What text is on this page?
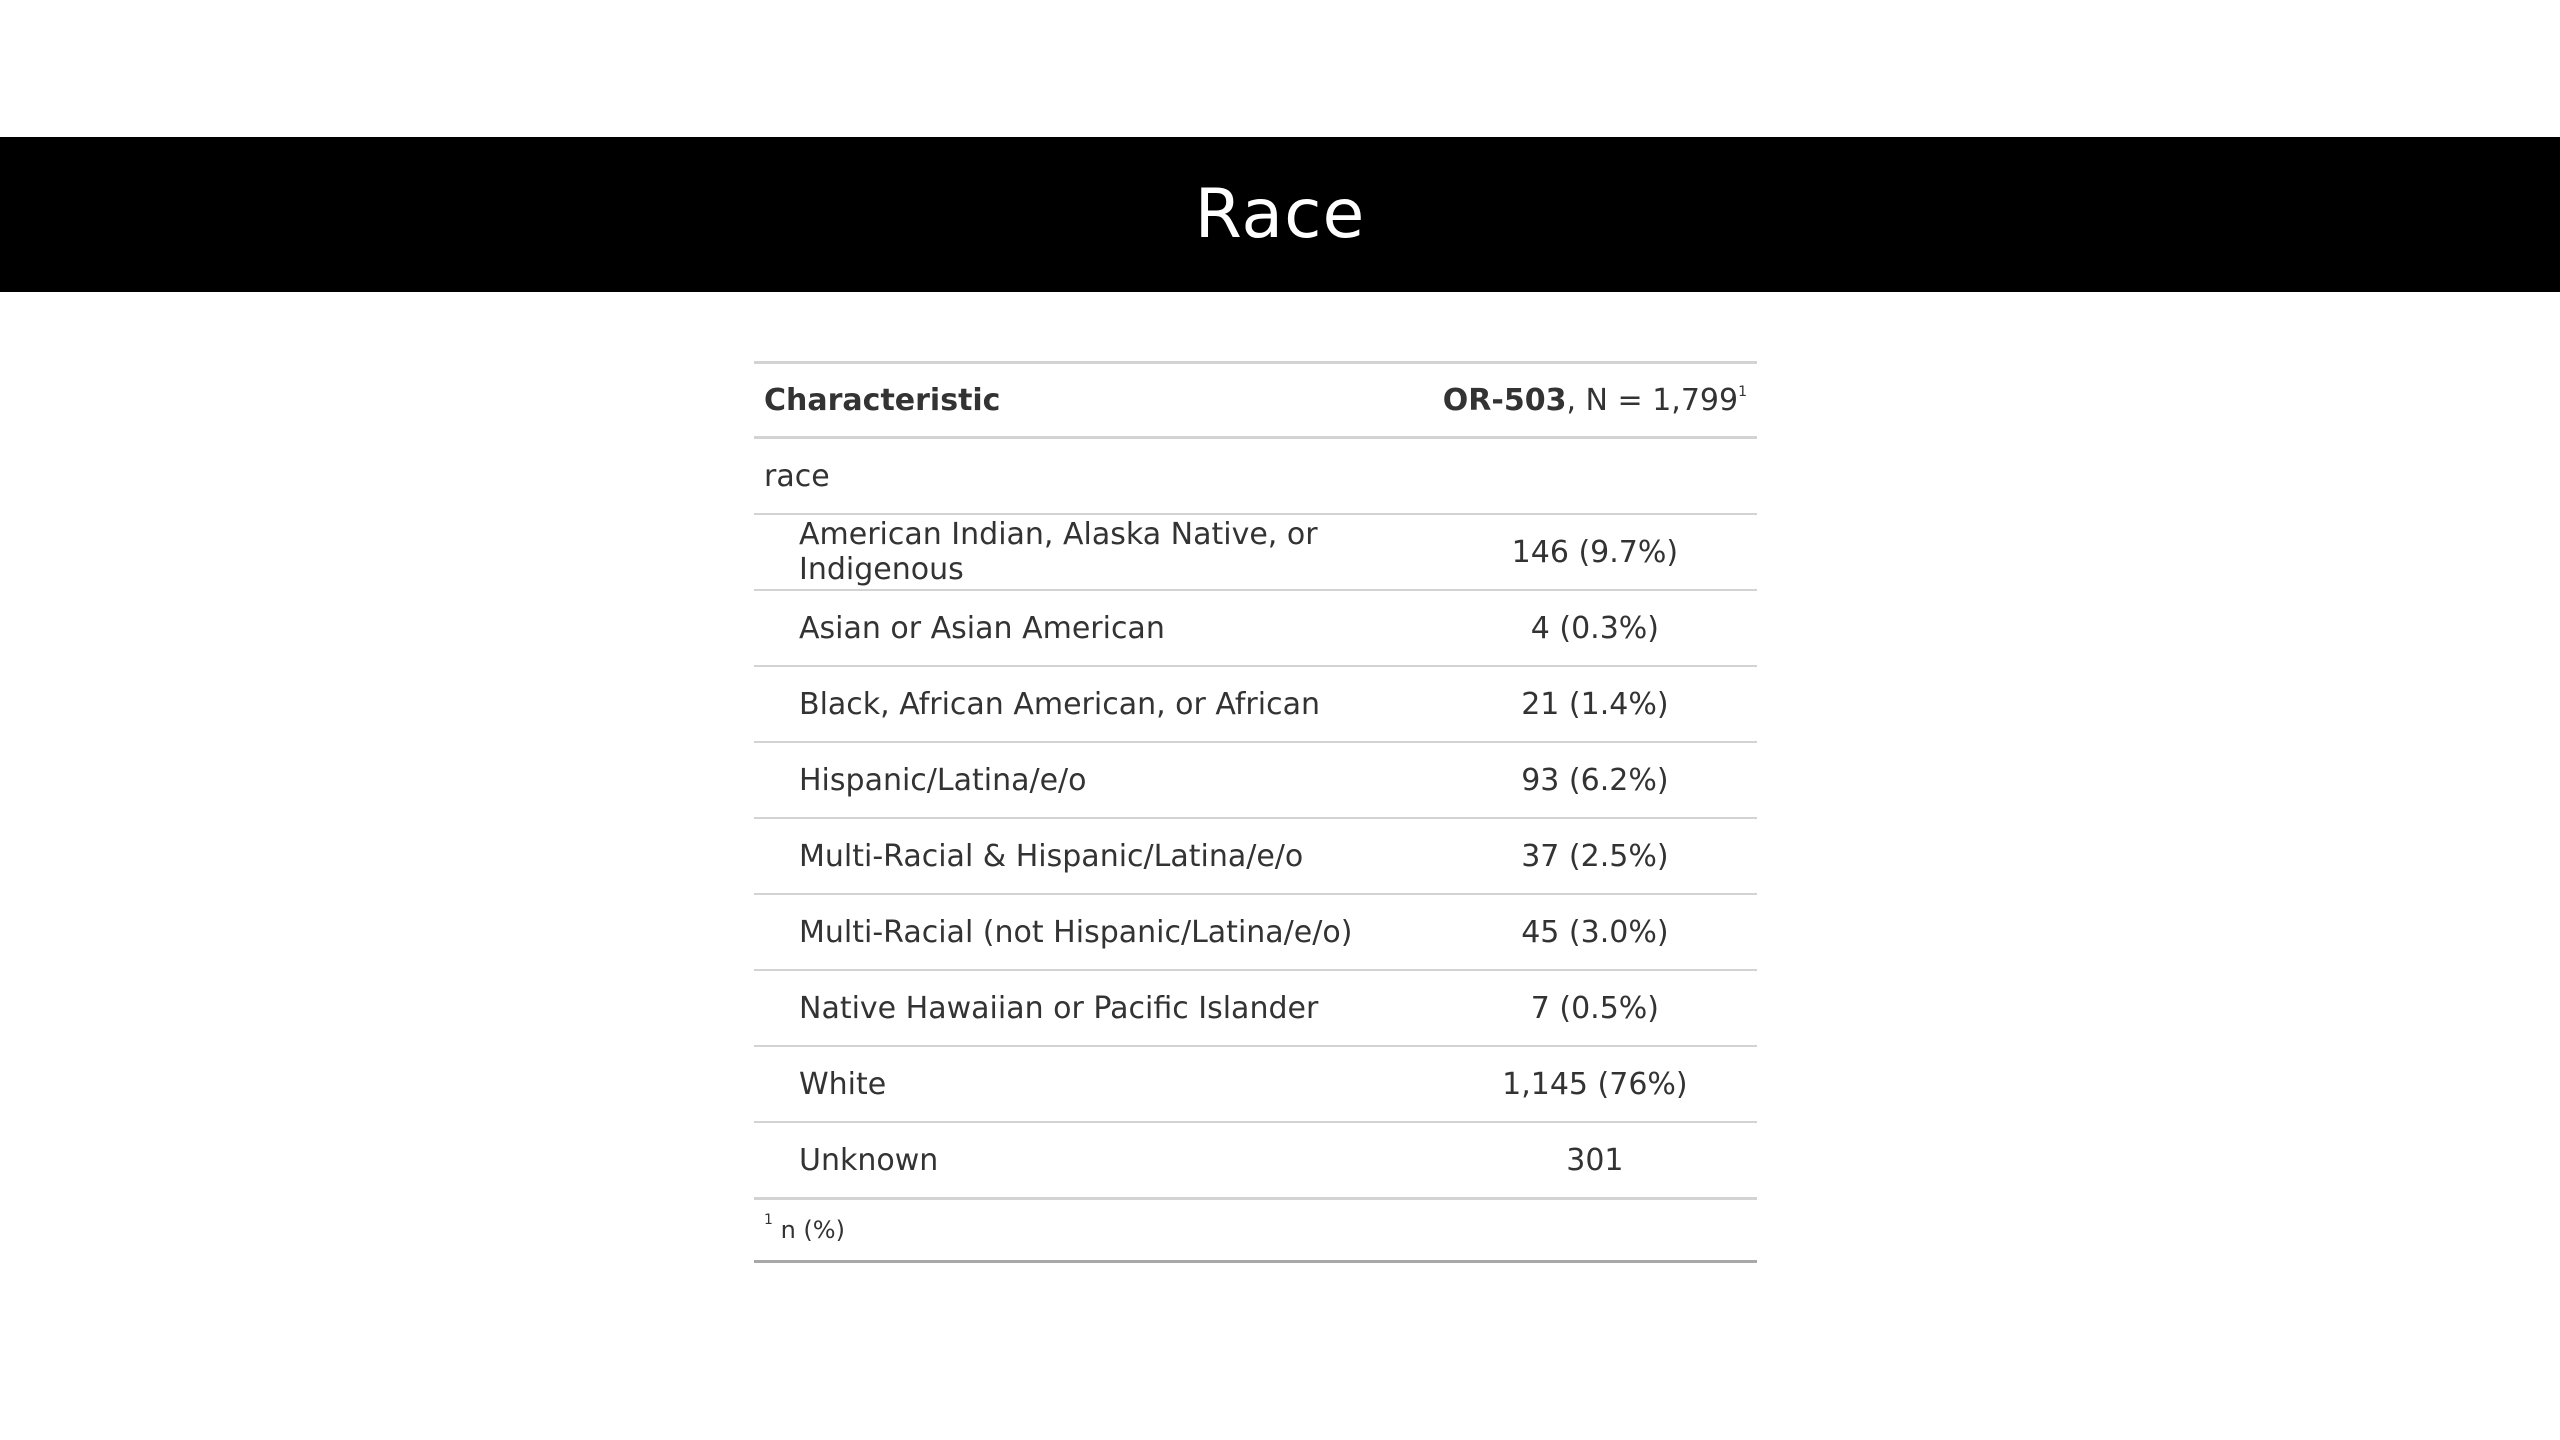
Race
Characteristic	OR-503, $N = 1,799^1$
race	
American Indian, Alaska Native, or Indigenous	146 (9.7%)
Asian or Asian American	4 (0.3%)
Black, African American, or African	21 (1.4%)
Hispanic/Latina/e/o	93 (6.2%)
Multi-Racial & Hispanic/Latina/e/o	37 (2.5%)
Multi-Racial (not Hispanic/Latina/e/o)	45 (3.0%)
Native Hawaiian or Pacific Islander	7 (0.5%)
White	1,145 (76%)
Unknown	301
$^1$ n (%)	
